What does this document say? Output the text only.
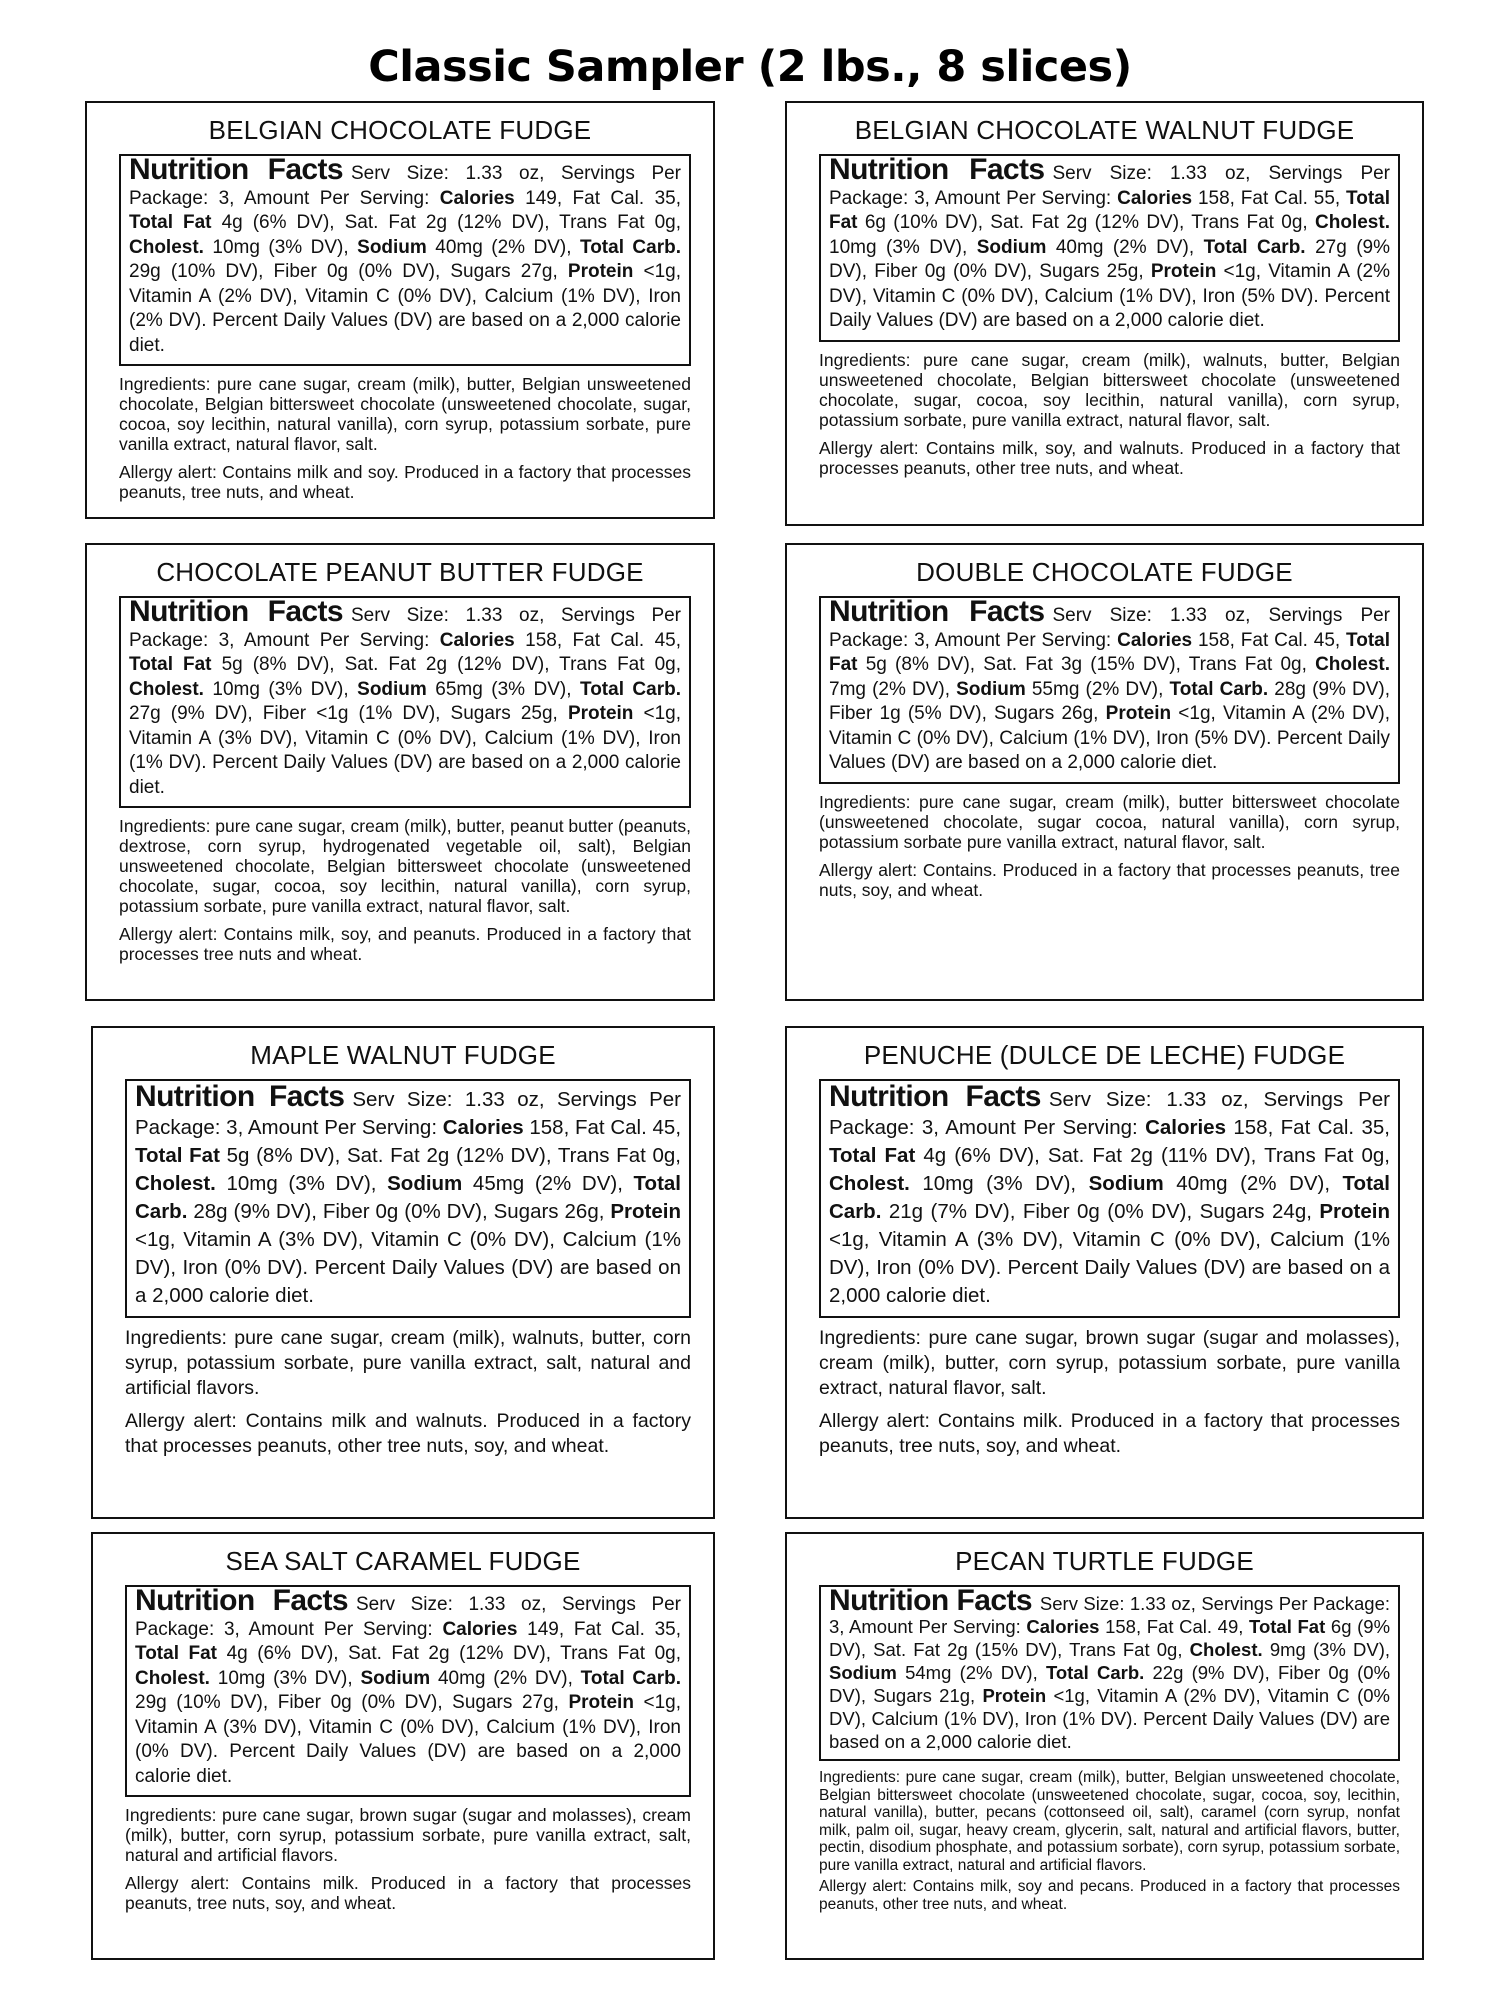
Classic Sampler (2 lbs., 8 slices)
BELGIAN CHOCOLATE FUDGE
Nutrition Facts Serv Size: 1.33 oz, Servings Per Package: 3, Amount Per Serving: Calories 149, Fat Cal. 35, Total Fat 4g (6% DV), Sat. Fat 2g (12% DV), Trans Fat 0g, Cholest. 10mg (3% DV), Sodium 40mg (2% DV), Total Carb. 29g (10% DV), Fiber 0g (0% DV), Sugars 27g, Protein <1g, Vitamin A (2% DV), Vitamin C (0% DV), Calcium (1% DV), Iron (2% DV). Percent Daily Values (DV) are based on a 2,000 calorie diet.
Ingredients: pure cane sugar, cream (milk), butter, Belgian unsweetened chocolate, Belgian bittersweet chocolate (unsweetened chocolate, sugar, cocoa, soy lecithin, natural vanilla), corn syrup, potassium sorbate, pure vanilla extract, natural flavor, salt.
Allergy alert: Contains milk and soy. Produced in a factory that processes peanuts, tree nuts, and wheat.
BELGIAN CHOCOLATE WALNUT FUDGE
Nutrition Facts Serv Size: 1.33 oz, Servings Per Package: 3, Amount Per Serving: Calories 158, Fat Cal. 55, Total Fat 6g (10% DV), Sat. Fat 2g (12% DV), Trans Fat 0g, Cholest. 10mg (3% DV), Sodium 40mg (2% DV), Total Carb. 27g (9% DV), Fiber 0g (0% DV), Sugars 25g, Protein <1g, Vitamin A (2% DV), Vitamin C (0% DV), Calcium (1% DV), Iron (5% DV). Percent Daily Values (DV) are based on a 2,000 calorie diet.
Ingredients: pure cane sugar, cream (milk), walnuts, butter, Belgian unsweetened chocolate, Belgian bittersweet chocolate (unsweetened chocolate, sugar, cocoa, soy lecithin, natural vanilla), corn syrup, potassium sorbate, pure vanilla extract, natural flavor, salt.
Allergy alert: Contains milk, soy, and walnuts. Produced in a factory that processes peanuts, other tree nuts, and wheat.
CHOCOLATE PEANUT BUTTER FUDGE
Nutrition Facts Serv Size: 1.33 oz, Servings Per Package: 3, Amount Per Serving: Calories 158, Fat Cal. 45, Total Fat 5g (8% DV), Sat. Fat 2g (12% DV), Trans Fat 0g, Cholest. 10mg (3% DV), Sodium 65mg (3% DV), Total Carb. 27g (9% DV), Fiber <1g (1% DV), Sugars 25g, Protein <1g, Vitamin A (3% DV), Vitamin C (0% DV), Calcium (1% DV), Iron (1% DV). Percent Daily Values (DV) are based on a 2,000 calorie diet.
Ingredients: pure cane sugar, cream (milk), butter, peanut butter (peanuts, dextrose, corn syrup, hydrogenated vegetable oil, salt), Belgian unsweetened chocolate, Belgian bittersweet chocolate (unsweetened chocolate, sugar, cocoa, soy lecithin, natural vanilla), corn syrup, potassium sorbate, pure vanilla extract, natural flavor, salt.
Allergy alert: Contains milk, soy, and peanuts. Produced in a factory that processes tree nuts and wheat.
DOUBLE CHOCOLATE FUDGE
Nutrition Facts Serv Size: 1.33 oz, Servings Per Package: 3, Amount Per Serving: Calories 158, Fat Cal. 45, Total Fat 5g (8% DV), Sat. Fat 3g (15% DV), Trans Fat 0g, Cholest. 7mg (2% DV), Sodium 55mg (2% DV), Total Carb. 28g (9% DV), Fiber 1g (5% DV), Sugars 26g, Protein <1g, Vitamin A (2% DV), Vitamin C (0% DV), Calcium (1% DV), Iron (5% DV). Percent Daily Values (DV) are based on a 2,000 calorie diet.
Ingredients: pure cane sugar, cream (milk), butter bittersweet chocolate (unsweetened chocolate, sugar cocoa, natural vanilla), corn syrup, potassium sorbate pure vanilla extract, natural flavor, salt.
Allergy alert: Contains. Produced in a factory that processes peanuts, tree nuts, soy, and wheat.
MAPLE WALNUT FUDGE
Nutrition Facts Serv Size: 1.33 oz, Servings Per Package: 3, Amount Per Serving: Calories 158, Fat Cal. 45, Total Fat 5g (8% DV), Sat. Fat 2g (12% DV), Trans Fat 0g, Cholest. 10mg (3% DV), Sodium 45mg (2% DV), Total Carb. 28g (9% DV), Fiber 0g (0% DV), Sugars 26g, Protein <1g, Vitamin A (3% DV), Vitamin C (0% DV), Calcium (1% DV), Iron (0% DV). Percent Daily Values (DV) are based on a 2,000 calorie diet.
Ingredients: pure cane sugar, cream (milk), walnuts, butter, corn syrup, potassium sorbate, pure vanilla extract, salt, natural and artificial flavors.
Allergy alert: Contains milk and walnuts. Produced in a factory that processes peanuts, other tree nuts, soy, and wheat.
PENUCHE (DULCE DE LECHE) FUDGE
Nutrition Facts Serv Size: 1.33 oz, Servings Per Package: 3, Amount Per Serving: Calories 158, Fat Cal. 35, Total Fat 4g (6% DV), Sat. Fat 2g (11% DV), Trans Fat 0g, Cholest. 10mg (3% DV), Sodium 40mg (2% DV), Total Carb. 21g (7% DV), Fiber 0g (0% DV), Sugars 24g, Protein <1g, Vitamin A (3% DV), Vitamin C (0% DV), Calcium (1% DV), Iron (0% DV). Percent Daily Values (DV) are based on a 2,000 calorie diet.
Ingredients: pure cane sugar, brown sugar (sugar and molasses), cream (milk), butter, corn syrup, potassium sorbate, pure vanilla extract, natural flavor, salt.
Allergy alert: Contains milk. Produced in a factory that processes peanuts, tree nuts, soy, and wheat.
SEA SALT CARAMEL FUDGE
Nutrition Facts Serv Size: 1.33 oz, Servings Per Package: 3, Amount Per Serving: Calories 149, Fat Cal. 35, Total Fat 4g (6% DV), Sat. Fat 2g (12% DV), Trans Fat 0g, Cholest. 10mg (3% DV), Sodium 40mg (2% DV), Total Carb. 29g (10% DV), Fiber 0g (0% DV), Sugars 27g, Protein <1g, Vitamin A (3% DV), Vitamin C (0% DV), Calcium (1% DV), Iron (0% DV). Percent Daily Values (DV) are based on a 2,000 calorie diet.
Ingredients: pure cane sugar, brown sugar (sugar and molasses), cream (milk), butter, corn syrup, potassium sorbate, pure vanilla extract, salt, natural and artificial flavors.
Allergy alert: Contains milk. Produced in a factory that processes peanuts, tree nuts, soy, and wheat.
PECAN TURTLE FUDGE
Nutrition Facts Serv Size: 1.33 oz, Servings Per Package: 3, Amount Per Serving: Calories 158, Fat Cal. 49, Total Fat 6g (9% DV), Sat. Fat 2g (15% DV), Trans Fat 0g, Cholest. 9mg (3% DV), Sodium 54mg (2% DV), Total Carb. 22g (9% DV), Fiber 0g (0% DV), Sugars 21g, Protein <1g, Vitamin A (2% DV), Vitamin C (0% DV), Calcium (1% DV), Iron (1% DV). Percent Daily Values (DV) are based on a 2,000 calorie diet.
Ingredients: pure cane sugar, cream (milk), butter, Belgian unsweetened chocolate, Belgian bittersweet chocolate (unsweetened chocolate, sugar, cocoa, soy, lecithin, natural vanilla), butter, pecans (cottonseed oil, salt), caramel (corn syrup, nonfat milk, palm oil, sugar, heavy cream, glycerin, salt, natural and artificial flavors, butter, pectin, disodium phosphate, and potassium sorbate), corn syrup, potassium sorbate, pure vanilla extract, natural and artificial flavors.
Allergy alert: Contains milk, soy and pecans. Produced in a factory that processes peanuts, other tree nuts, and wheat.
